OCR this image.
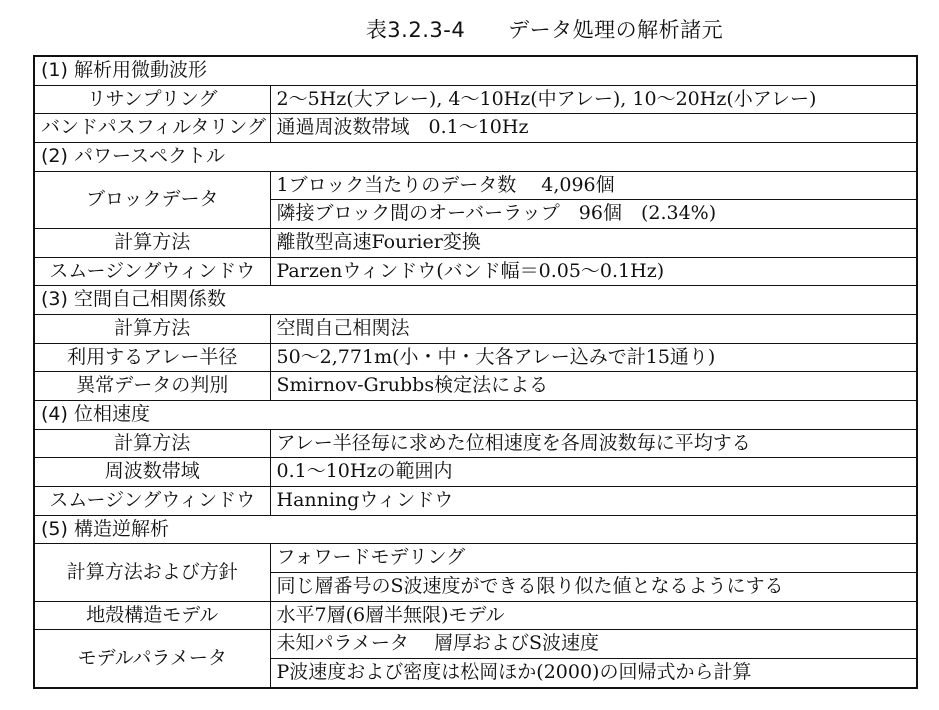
表3.2.3-4　　データ処理の解析諸元
(1) 解析用微動波形	
リサンプリング	2～5Hz(大アレー), 4～10Hz(中アレー), 10～20Hz(小アレー)
バンドパスフィルタリング	通過周波数帯域　0.1～10Hz
(2) パワースペクトル	
ブロックデータ	1ブロック当たりのデータ数　 4,096個
	隣接ブロック間のオーバーラップ　96個　(2.34%)
計算方法	離散型高速Fourier変換
スムージングウィンドウ	Parzenウィンドウ(バンド幅＝0.05～0.1Hz)
(3) 空間自己相関係数	
計算方法	空間自己相関法
利用するアレー半径	50～2,771m(小・中・大各アレー込みで計15通り)
異常データの判別	Smirnov-Grubbs検定法による
(4) 位相速度	
計算方法	アレー半径毎に求めた位相速度を各周波数毎に平均する
周波数帯域	0.1～10Hzの範囲内
スムージングウィンドウ	Hanningウィンドウ
(5) 構造逆解析	
計算方法および方針	フォワードモデリング
	同じ層番号のS波速度ができる限り似た値となるようにする
地殻構造モデル	水平7層(6層半無限)モデル
モデルパラメータ	未知パラメータ　 層厚およびS波速度
	P波速度および密度は松岡ほか(2000)の回帰式から計算
